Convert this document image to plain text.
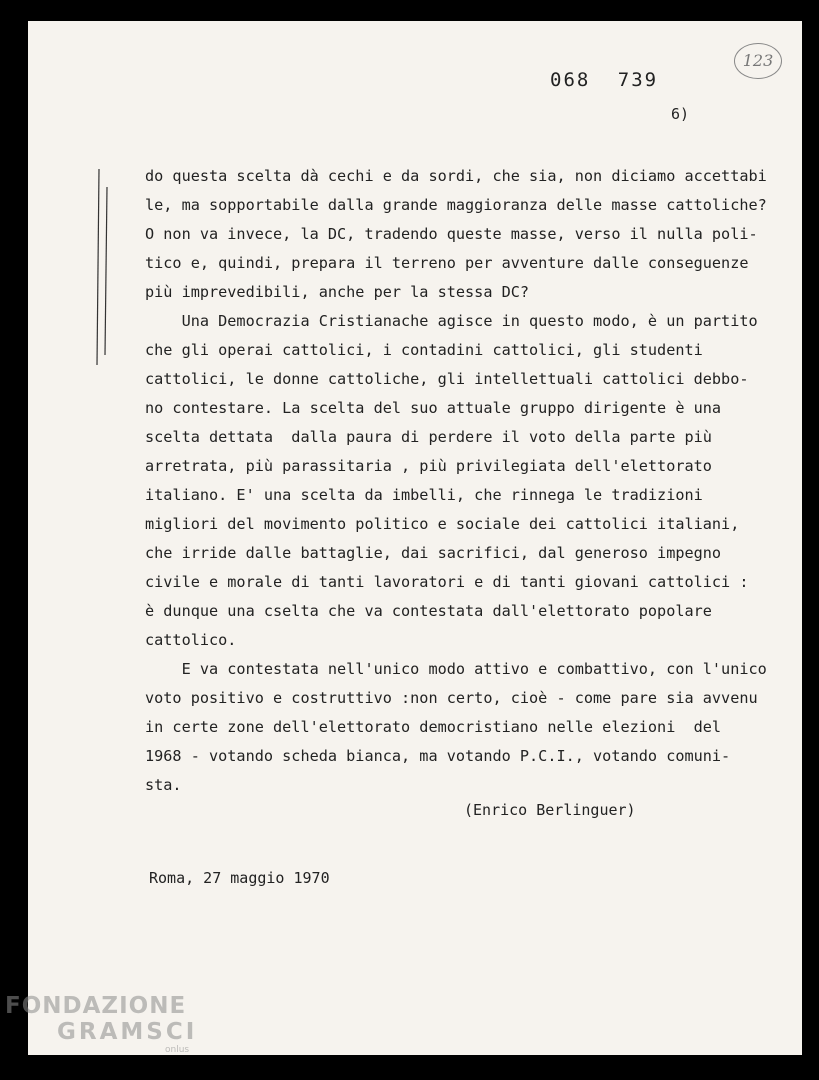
068 739
6)
123

do questa scelta dà cechi e da sordi, che sia, non diciamo accettabi

le, ma sopportabile dalla grande maggioranza delle masse cattoliche?

O non va invece, la DC, tradendo queste masse, verso il nulla poli-

tico e, quindi, prepara il terreno per avventure dalle conseguenze

più imprevedibili, anche per la stessa DC?

Una Democrazia Cristianache agisce in questo modo, è un partito

che gli operai cattolici, i contadini cattolici, gli studenti

cattolici, le donne cattoliche, gli intellettuali cattolici debbo-

no contestare. La scelta del suo attuale gruppo dirigente è una

scelta dettata  dalla paura di perdere il voto della parte più

arretrata, più parassitaria , più privilegiata dell'elettorato

italiano. E' una scelta da imbelli, che rinnega le tradizioni

migliori del movimento politico e sociale dei cattolici italiani,

che irride dalle battaglie, dai sacrifici, dal generoso impegno

civile e morale di tanti lavoratori e di tanti giovani cattolici :

è dunque una cselta che va contestata dall'elettorato popolare

cattolico.

E va contestata nell'unico modo attivo e combattivo, con l'unico

voto positivo e costruttivo :non certo, cioè - come pare sia avvenu

in certe zone dell'elettorato democristiano nelle elezioni  del

1968 - votando scheda bianca, ma votando P.C.I., votando comuni-

sta.

(Enrico Berlinguer)
Roma, 27 maggio 1970
FONDAZIONE
GRAMSCI
onlus
